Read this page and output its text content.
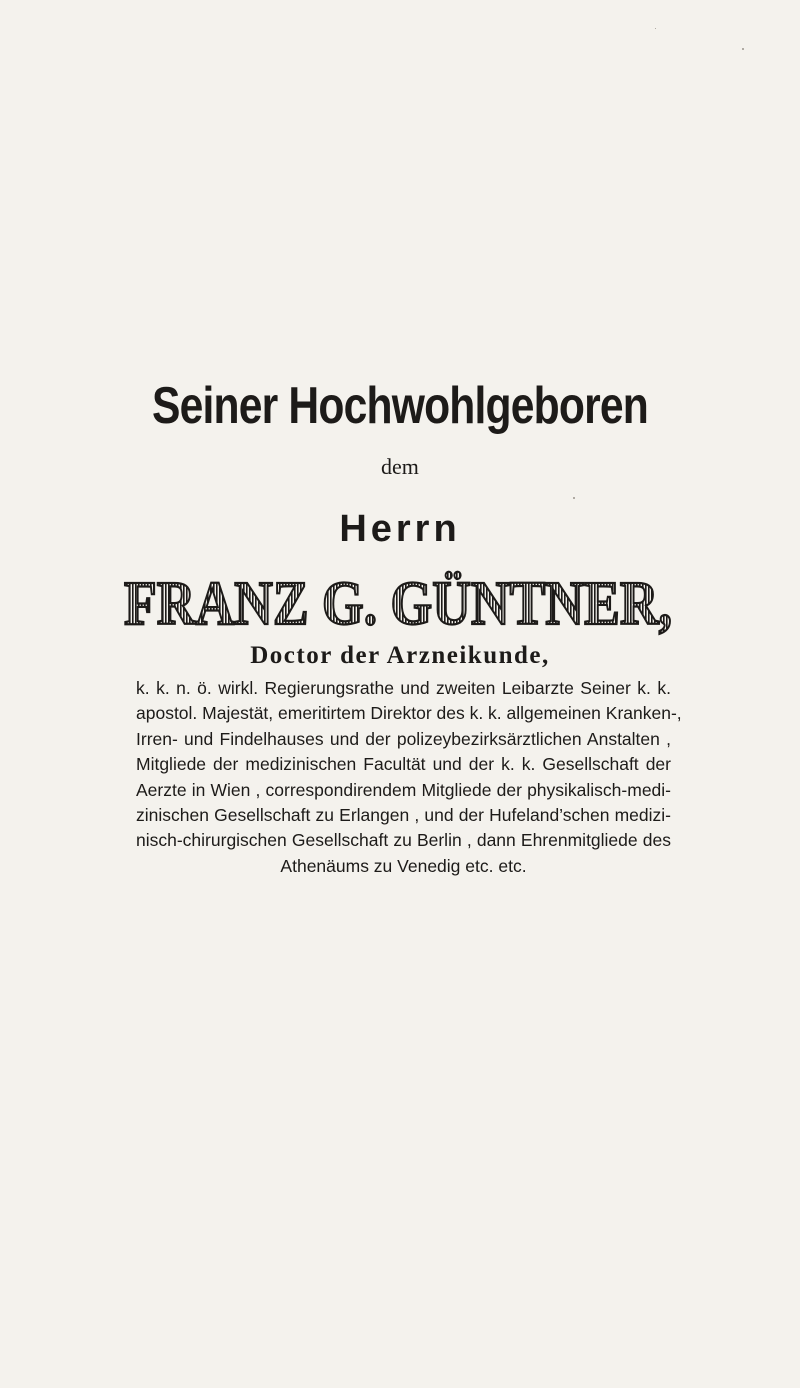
Seiner Hochwohlgeboren
dem
Herrn
FRANZ G. GÜNTNER,
Doctor der Arzneikunde,
k. k. n. ö. wirkl. Regierungsrathe und zweiten Leibarzte Seiner k. k.
apostol. Majestät, emeritirtem Direktor des k. k. allgemeinen Kranken-,
Irren- und Findelhauses und der polizeybezirksärztlichen Anstalten ,
Mitgliede der medizinischen Facultät und der k. k. Gesellschaft der
Aerzte in Wien , correspondirendem Mitgliede der physikalisch-medi-
zinischen Gesellschaft zu Erlangen , und der Hufeland’schen medizi-
nisch-chirurgischen Gesellschaft zu Berlin , dann Ehrenmitgliede des
Athenäums zu Venedig etc. etc.
